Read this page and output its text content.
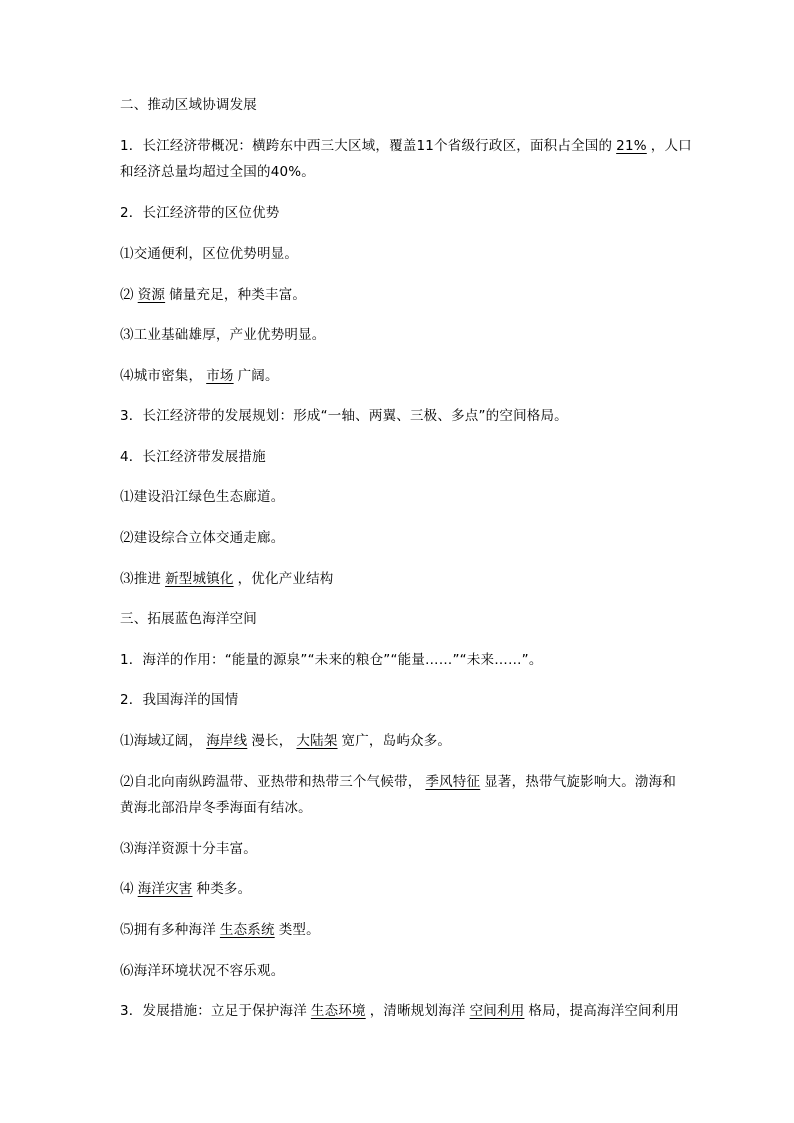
二、推动区域协调发展
1．长江经济带概况：横跨东中西三大区域，覆盖11个省级行政区，面积占全国的 21% ，人口
和经济总量均超过全国的40%。
2．长江经济带的区位优势
⑴交通便利，区位优势明显。
⑵ 资源 储量充足，种类丰富。
⑶工业基础雄厚，产业优势明显。
⑷城市密集， 市场 广阔。
3．长江经济带的发展规划：形成“一轴、两翼、三极、多点”的空间格局。
4．长江经济带发展措施
⑴建设沿江绿色生态廊道。
⑵建设综合立体交通走廊。
⑶推进 新型城镇化 ，优化产业结构
三、拓展蓝色海洋空间
1．海洋的作用：“能量的源泉”“未来的粮仓”“能量……”“未来……”。
2．我国海洋的国情
⑴海域辽阔， 海岸线 漫长， 大陆架 宽广，岛屿众多。
⑵自北向南纵跨温带、亚热带和热带三个气候带， 季风特征 显著，热带气旋影响大。渤海和
黄海北部沿岸冬季海面有结冰。
⑶海洋资源十分丰富。
⑷ 海洋灾害 种类多。
⑸拥有多种海洋 生态系统 类型。
⑹海洋环境状况不容乐观。
3．发展措施：立足于保护海洋 生态环境 ，清晰规划海洋 空间利用 格局，提高海洋空间利用
